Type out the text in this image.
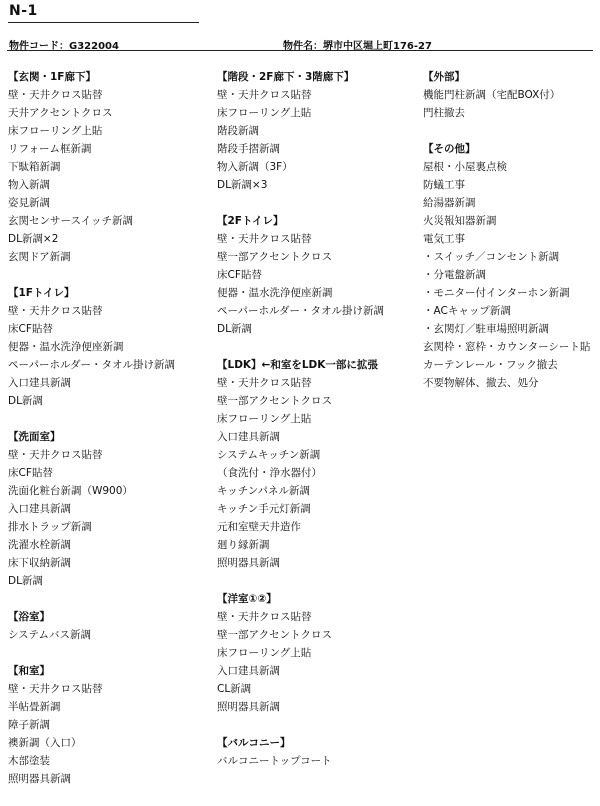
N-1
物件コード：G322004	物件名：堺市中区堀上町176-27
【玄関・1F廊下】
壁・天井クロス貼替
天井アクセントクロス
床フローリング上貼
リフォーム框新調
下駄箱新調
物入新調
姿見新調
玄関センサースイッチ新調
DL新調×2
玄関ドア新調
【1Fトイレ】
壁・天井クロス貼替
床CF貼替
便器・温水洗浄便座新調
ペーパーホルダー・タオル掛け新調
入口建具新調
DL新調
【洗面室】
壁・天井クロス貼替
床CF貼替
洗面化粧台新調（W900）
入口建具新調
排水トラップ新調
洗濯水栓新調
床下収納新調
DL新調
【浴室】
システムバス新調
【和室】
壁・天井クロス貼替
半帖畳新調
障子新調
襖新調（入口）
木部塗装
照明器具新調
【階段・2F廊下・3階廊下】
壁・天井クロス貼替
床フローリング上貼
階段新調
階段手摺新調
物入新調（3F）
DL新調×3
【2Fトイレ】
壁・天井クロス貼替
壁一部アクセントクロス
床CF貼替
便器・温水洗浄便座新調
ペーパーホルダー・タオル掛け新調
DL新調
【LDK】←和室をLDK一部に拡張
壁・天井クロス貼替
壁一部アクセントクロス
床フローリング上貼
入口建具新調
システムキッチン新調
（食洗付・浄水器付）
キッチンパネル新調
キッチン手元灯新調
元和室壁天井造作
廻り縁新調
照明器具新調
【洋室①②】
壁・天井クロス貼替
壁一部アクセントクロス
床フローリング上貼
入口建具新調
CL新調
照明器具新調
【バルコニー】
バルコニートップコート
【外部】
機能門柱新調（宅配BOX付）
門柱撤去
【その他】
屋根・小屋裏点検
防蟻工事
給湯器新調
火災報知器新調
電気工事
・スイッチ／コンセント新調
・分電盤新調
・モニター付インターホン新調
・ACキャップ新調
・玄関灯／駐車場照明新調
玄関枠・窓枠・カウンターシート貼
カーテンレール・フック撤去
不要物解体、撤去、処分
